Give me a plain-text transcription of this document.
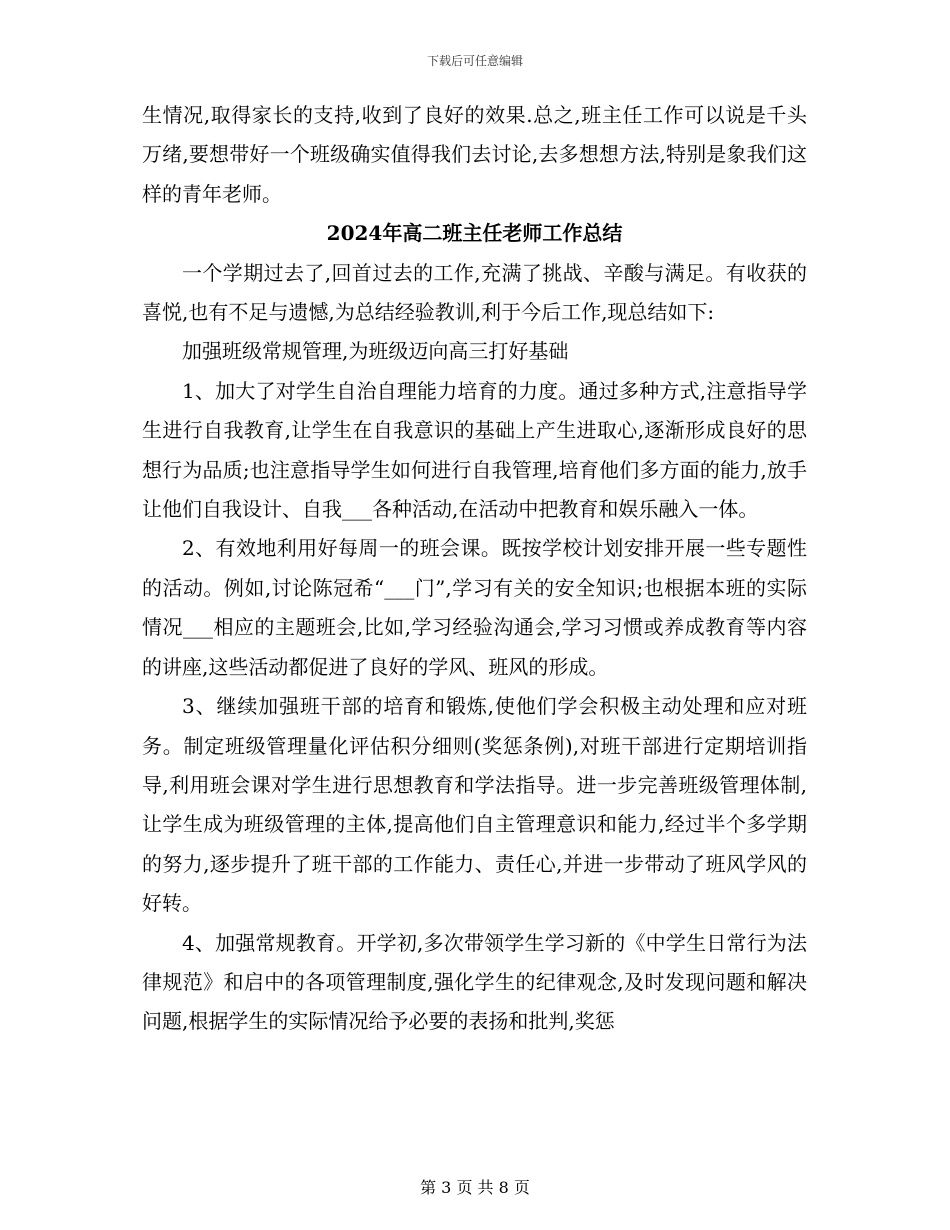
下载后可任意编辑

生情况,取得家长的支持,收到了良好的效果.总之,班主任工作可以说是千头万绪,要想带好一个班级确实值得我们去讨论,去多想想方法,特别是象我们这样的青年老师。

2024年高二班主任老师工作总结

一个学期过去了,回首过去的工作,充满了挑战、辛酸与满足。有收获的喜悦,也有不足与遗憾,为总结经验教训,利于今后工作,现总结如下:

加强班级常规管理,为班级迈向高三打好基础

1、加大了对学生自治自理能力培育的力度。通过多种方式,注意指导学生进行自我教育,让学生在自我意识的基础上产生进取心,逐渐形成良好的思想行为品质;也注意指导学生如何进行自我管理,培育他们多方面的能力,放手让他们自我设计、自我___各种活动,在活动中把教育和娱乐融入一体。

2、有效地利用好每周一的班会课。既按学校计划安排开展一些专题性的活动。例如,讨论陈冠希“___门”,学习有关的安全知识;也根据本班的实际情况___相应的主题班会,比如,学习经验沟通会,学习习惯或养成教育等内容的讲座,这些活动都促进了良好的学风、班风的形成。

3、继续加强班干部的培育和锻炼,使他们学会积极主动处理和应对班务。制定班级管理量化评估积分细则(奖惩条例),对班干部进行定期培训指导,利用班会课对学生进行思想教育和学法指导。进一步完善班级管理体制,让学生成为班级管理的主体,提高他们自主管理意识和能力,经过半个多学期的努力,逐步提升了班干部的工作能力、责任心,并进一步带动了班风学风的好转。

4、加强常规教育。开学初,多次带领学生学习新的《中学生日常行为法律规范》和启中的各项管理制度,强化学生的纪律观念,及时发现问题和解决问题,根据学生的实际情况给予必要的表扬和批判,奖惩

第 3 页 共 8 页
